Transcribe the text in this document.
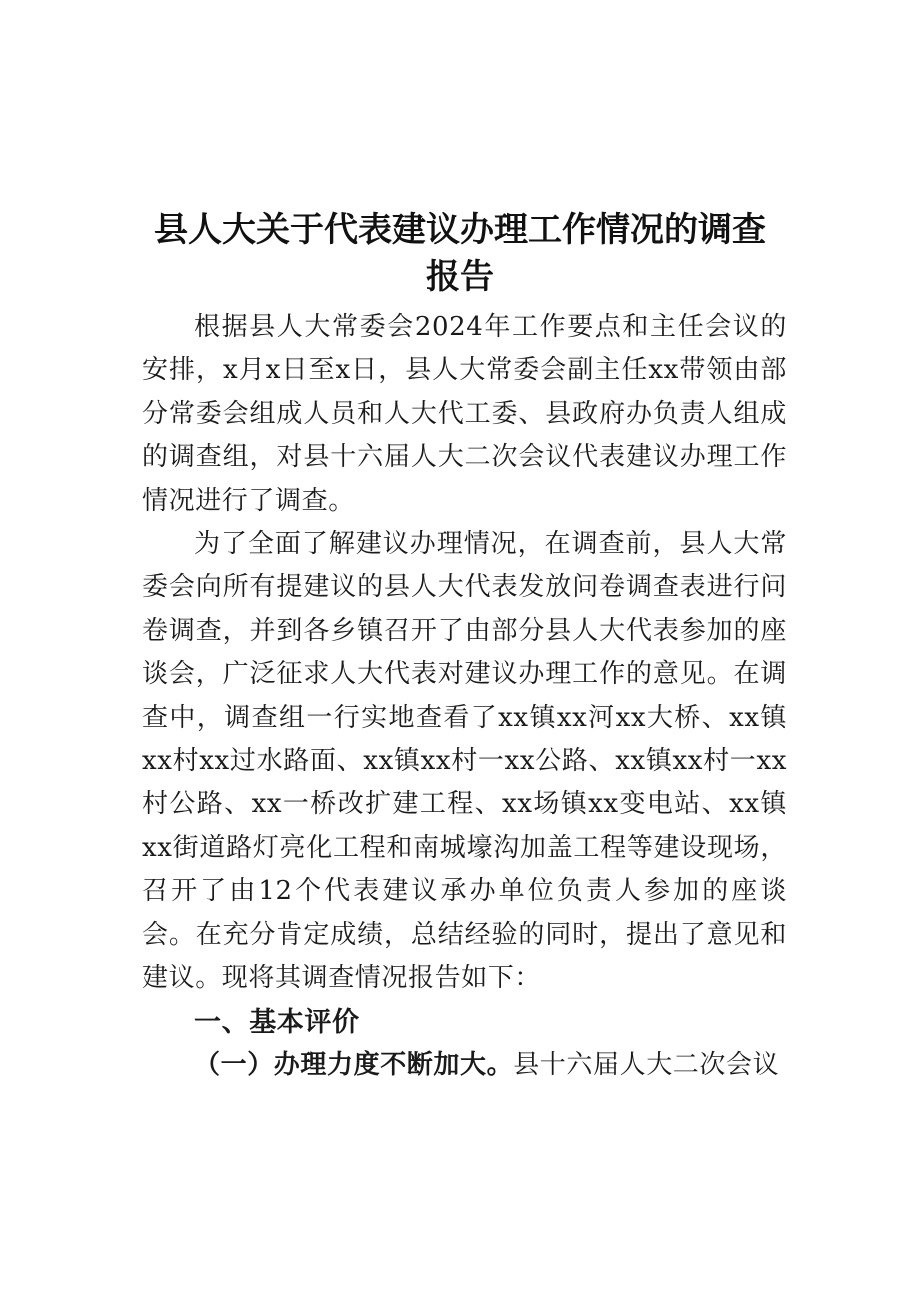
县人大关于代表建议办理工作情况的调查
报告

根据县人大常委会2024年工作要点和主任会议的安排，x月x日至x日，县人大常委会副主任xx带领由部分常委会组成人员和人大代工委、县政府办负责人组成的调查组，对县十六届人大二次会议代表建议办理工作情况进行了调查。

为了全面了解建议办理情况，在调查前，县人大常委会向所有提建议的县人大代表发放问卷调查表进行问卷调查，并到各乡镇召开了由部分县人大代表参加的座谈会，广泛征求人大代表对建议办理工作的意见。在调查中，调查组一行实地查看了xx镇xx河xx大桥、xx镇xx村xx过水路面、xx镇xx村一xx公路、xx镇xx村一xx村公路、xx一桥改扩建工程、xx场镇xx变电站、xx镇xx街道路灯亮化工程和南城壕沟加盖工程等建设现场，召开了由12个代表建议承办单位负责人参加的座谈会。在充分肯定成绩，总结经验的同时，提出了意见和建议。现将其调查情况报告如下：

一、基本评价

（一）办理力度不断加大。县十六届人大二次会议
